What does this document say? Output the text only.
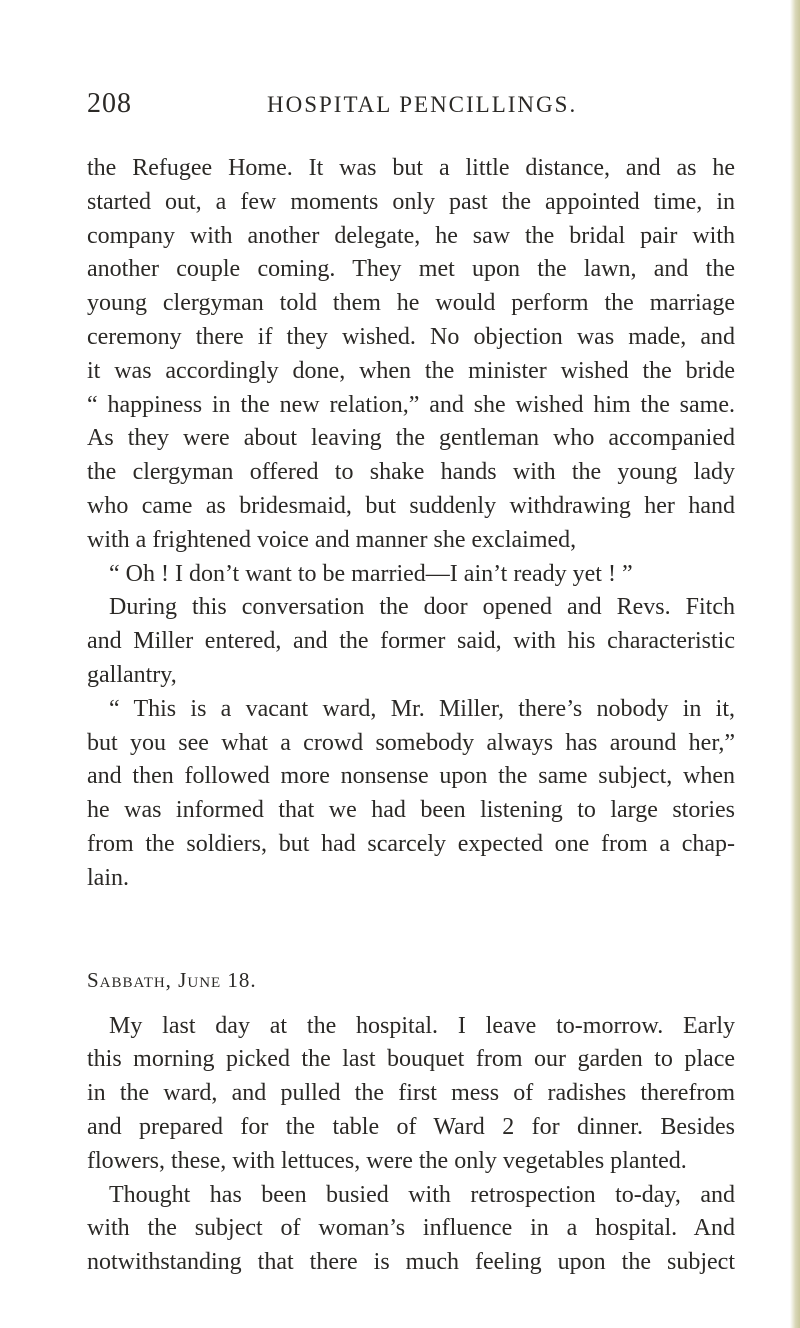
208	HOSPITAL PENCILLINGS.
the Refugee Home. It was but a little distance, and as he
started out, a few moments only past the appointed time, in
company with another delegate, he saw the bridal pair with
another couple coming. They met upon the lawn, and the
young clergyman told them he would perform the marriage
ceremony there if they wished. No objection was made, and
it was accordingly done, when the minister wished the bride
“ happiness in the new relation,” and she wished him the same.
As they were about leaving the gentleman who accompanied
the clergyman offered to shake hands with the young lady
who came as bridesmaid, but suddenly withdrawing her hand
with a frightened voice and manner she exclaimed,
“ Oh ! I don’t want to be married—I ain’t ready yet ! ”
During this conversation the door opened and Revs. Fitch
and Miller entered, and the former said, with his characteristic
gallantry,
“ This is a vacant ward, Mr. Miller, there’s nobody in it,
but you see what a crowd somebody always has around her,”
and then followed more nonsense upon the same subject, when
he was informed that we had been listening to large stories
from the soldiers, but had scarcely expected one from a chap-
lain.
Sabbath, June 18.
My last day at the hospital. I leave to-morrow. Early
this morning picked the last bouquet from our garden to place
in the ward, and pulled the first mess of radishes therefrom
and prepared for the table of Ward 2 for dinner. Besides
flowers, these, with lettuces, were the only vegetables planted.
Thought has been busied with retrospection to-day, and
with the subject of woman’s influence in a hospital. And
notwithstanding that there is much feeling upon the subject
